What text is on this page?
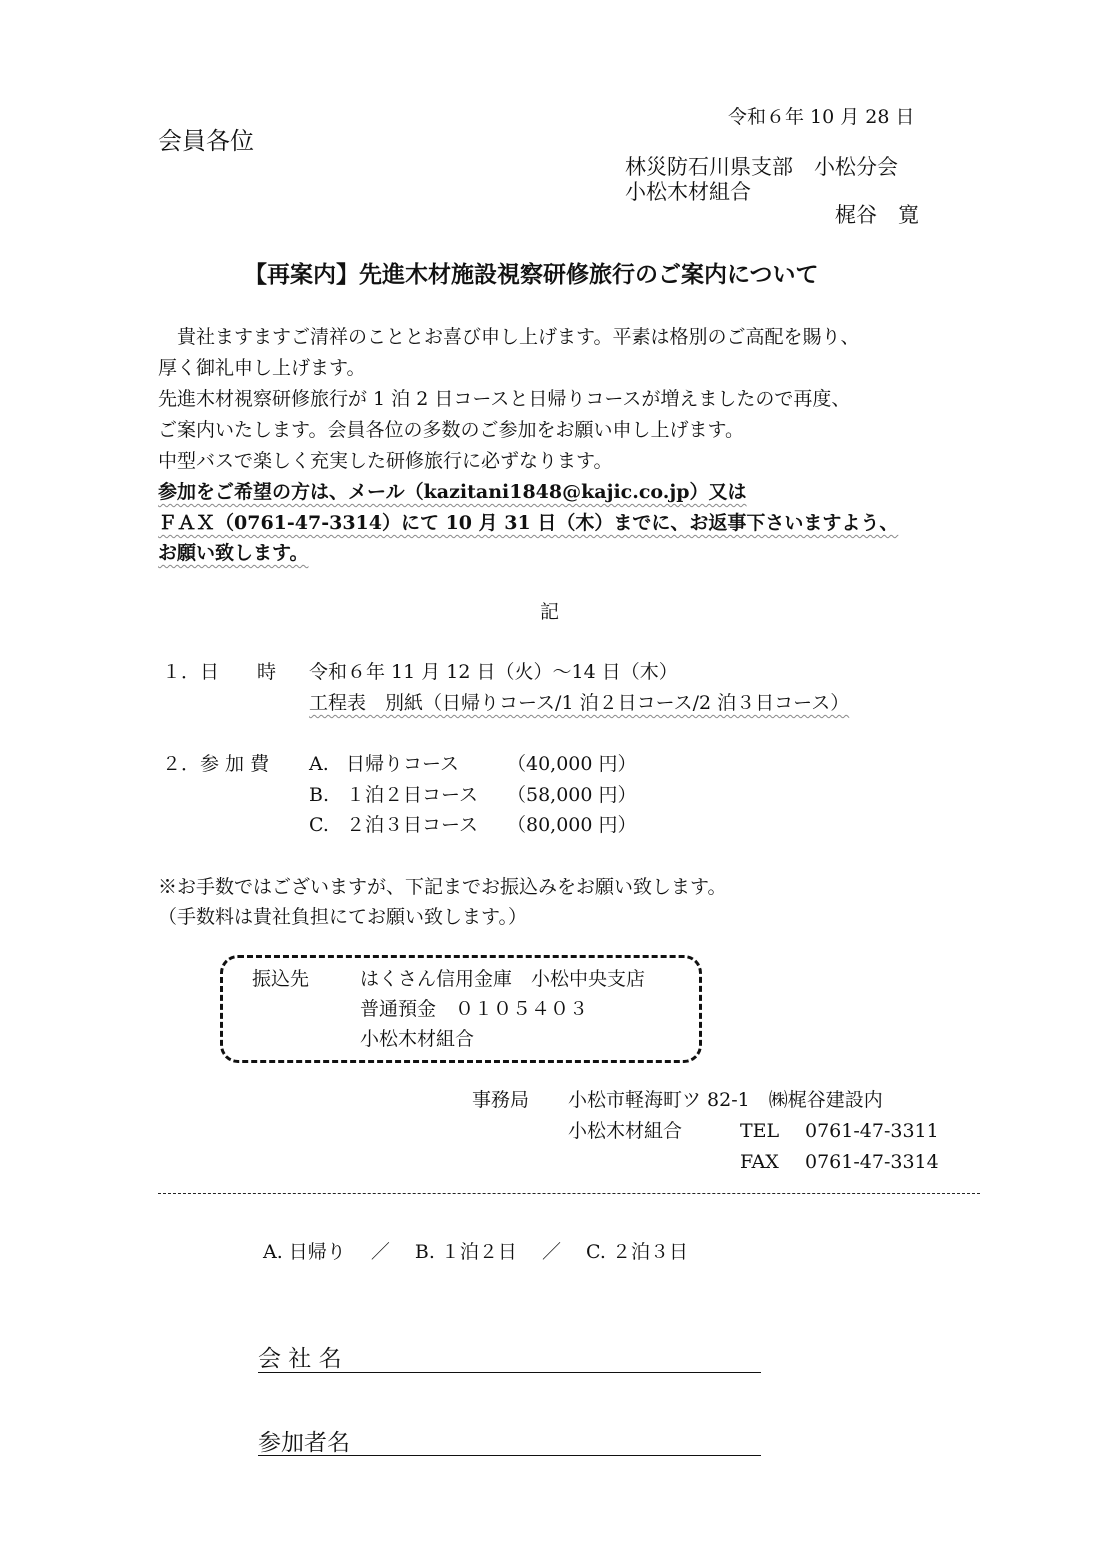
令和６年 10 月 28 日
会員各位
林災防石川県支部　小松分会
小松木材組合
梶谷　寛
【再案内】先進木材施設視察研修旅行のご案内について
　貴社ますますご清祥のこととお喜び申し上げます。平素は格別のご高配を賜り、
厚く御礼申し上げます。
先進木材視察研修旅行が 1 泊 2 日コースと日帰りコースが増えましたので再度、
ご案内いたします。会員各位の多数のご参加をお願い申し上げます。
中型バスで楽しく充実した研修旅行に必ずなります。
参加をご希望の方は、メール（kazitani1848@kajic.co.jp）又は
ＦＡＸ（0761-47-3314）にて 10 月 31 日（木）までに、お返事下さいますよう、
お願い致します。
記
１．日　　時 令和６年 11 月 12 日（火）～14 日（木）
工程表　別紙（日帰りコース/1 泊２日コース/2 泊３日コース）
２．参 加 費 A. 日帰りコース	（40,000 円）
B. １泊２日コース （58,000 円）
C. ２泊３日コース （80,000 円）
※お手数ではございますが、下記までお振込みをお願い致します。
（手数料は貴社負担にてお願い致します。）
振込先	はくさん信用金庫　小松中央支店
普通預金　０１０５４０３
小松木材組合
事務局 小松市軽海町ツ 82-1　㈱梶谷建設内
小松木材組合	TEL 0761-47-3311
FAX 0761-47-3314
A. 日帰り　 ／　 B. １泊２日　 ／　 C. ２泊３日
会 社 名
参加者名
